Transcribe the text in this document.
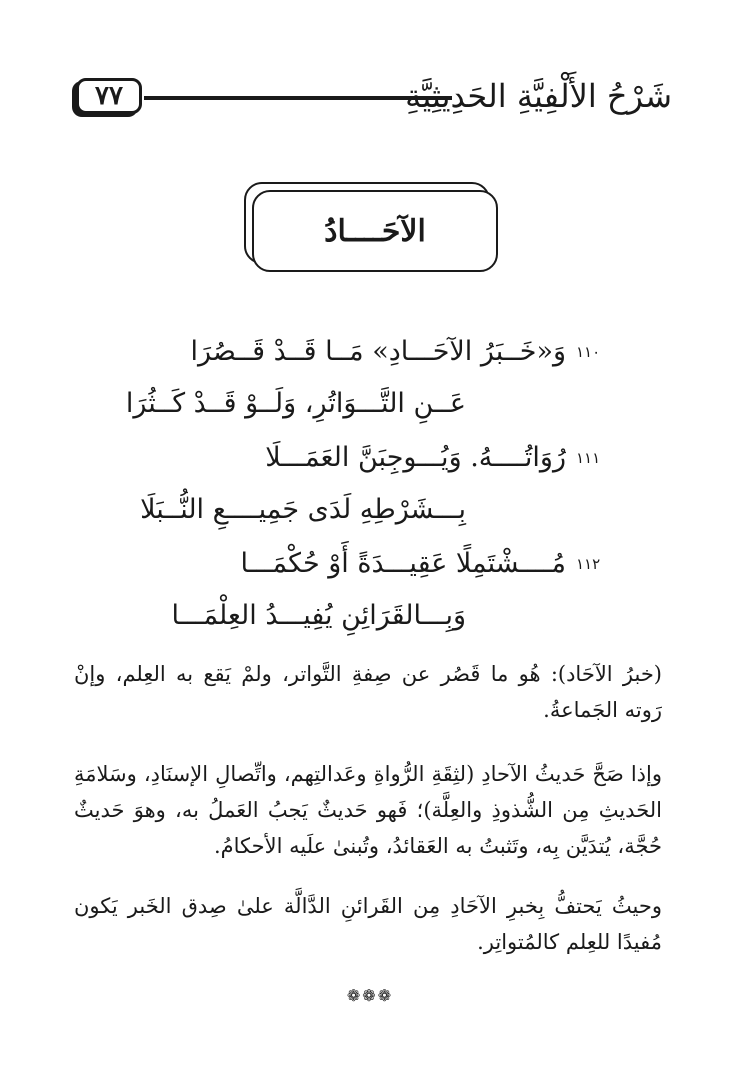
٧٧	شَرْحُ الأَلْفِيَّةِ الحَدِيثِيَّةِ
الآحَــــادُ
١١٠
وَ«خَــبَرُ الآحَـــادِ» مَــا قَــدْ قَــصُرَا
عَــنِ التَّـــوَاتُرِ، وَلَــوْ قَــدْ كَــثُرَا
١١١
رُوَاتُــــهُ. وَيُـــوجِبَنَّ العَمَـــلَا
بِـــشَرْطِهِ لَدَى جَمِيــــعِ النُّــبَلَا
١١٢
مُــــشْتَمِلًا عَقِيـــدَةً أَوْ حُكْمَـــا
وَبِـــالقَرَائِنِ يُفِيـــدُ العِلْمَـــا
(خبرُ الآحَاد): هُو ما قَصُر عن صِفةِ التَّواتر، ولمْ يَقع به العِلم، وإنْ رَوته الجَماعةُ.
وإذا صَحَّ حَديثُ الآحادِ (لثِقَةِ الرُّواةِ وعَدالتِهم، واتِّصالِ الإسنَادِ، وسَلامَةِ الحَديثِ مِن الشُّذوذِ والعِلَّة)؛ فَهو حَديثٌ يَجبُ العَملُ به، وهوَ حَديثٌ حُجَّة، يُتدَيَّن بِه، وتَثبتُ به العَقائدُ، وتُبنىٰ علَيه الأحكامُ.
وحيثُ يَحتفُّ بِخبرِ الآحَادِ مِن القَرائنِ الدَّالَّة علىٰ صِدق الخَبر يَكون مُفيدًا للعِلم كالمُتواتِر.
❁❁❁
